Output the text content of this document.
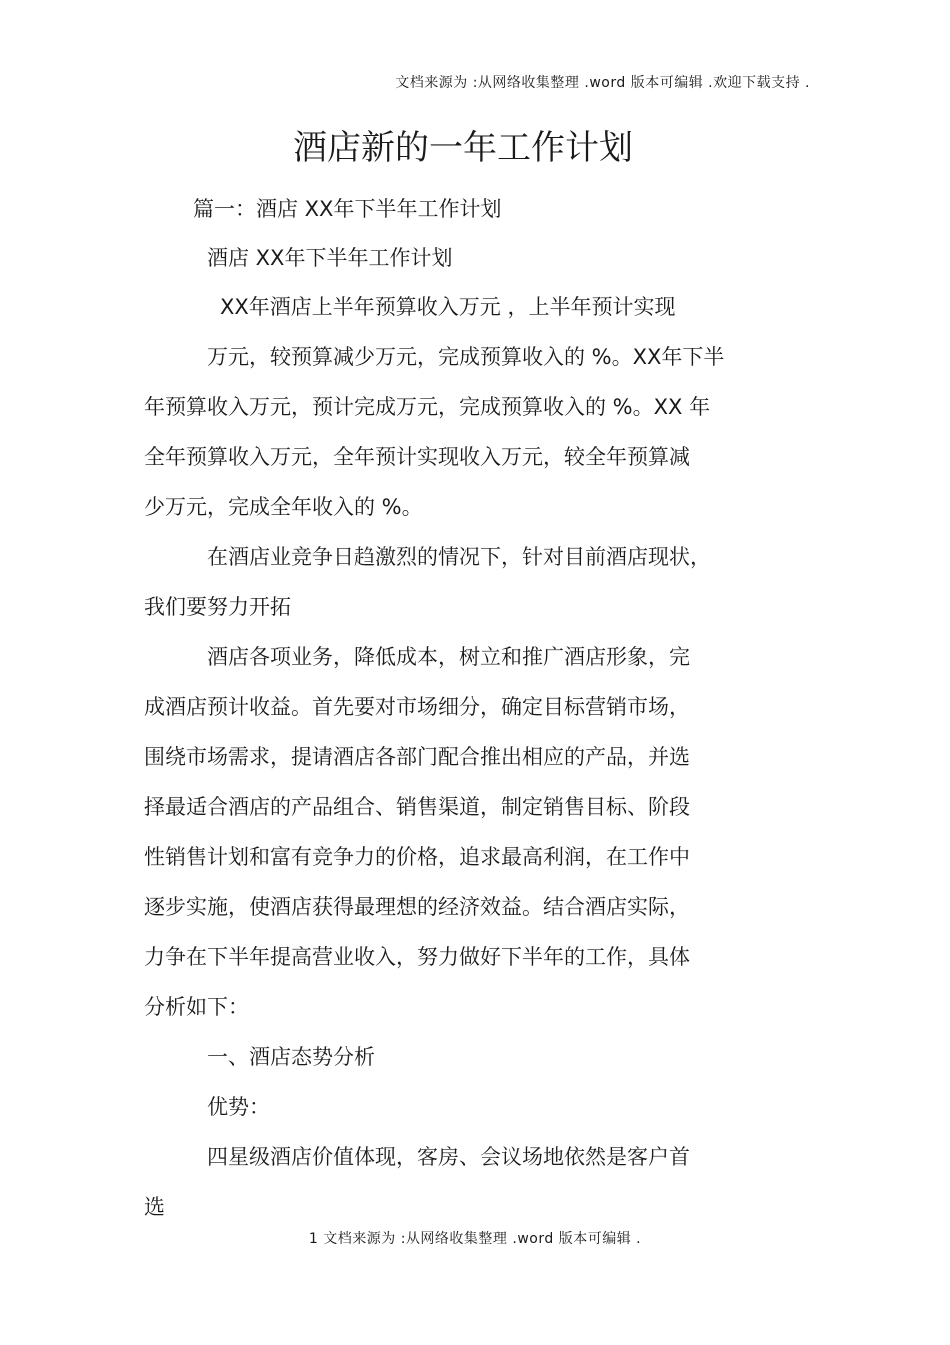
文档来源为 :从网络收集整理 .word 版本可编辑 .欢迎下载支持 .
酒店新的一年工作计划
篇一：酒店 XX年下半年工作计划
酒店 XX年下半年工作计划
XX年酒店上半年预算收入万元 ，上半年预计实现
万元，较预算减少万元，完成预算收入的 %。XX年下半
年预算收入万元，预计完成万元，完成预算收入的 %。XX 年
全年预算收入万元，全年预计实现收入万元，较全年预算减
少万元，完成全年收入的 %。
在酒店业竞争日趋激烈的情况下，针对目前酒店现状，
我们要努力开拓
酒店各项业务，降低成本，树立和推广酒店形象，完
成酒店预计收益。首先要对市场细分，确定目标营销市场，
围绕市场需求，提请酒店各部门配合推出相应的产品，并选
择最适合酒店的产品组合、销售渠道，制定销售目标、阶段
性销售计划和富有竞争力的价格，追求最高利润，在工作中
逐步实施，使酒店获得最理想的经济效益。结合酒店实际，
力争在下半年提高营业收入，努力做好下半年的工作，具体
分析如下：
一、酒店态势分析
优势：
四星级酒店价值体现，客房、会议场地依然是客户首
选
1 文档来源为 :从网络收集整理 .word 版本可编辑 .
